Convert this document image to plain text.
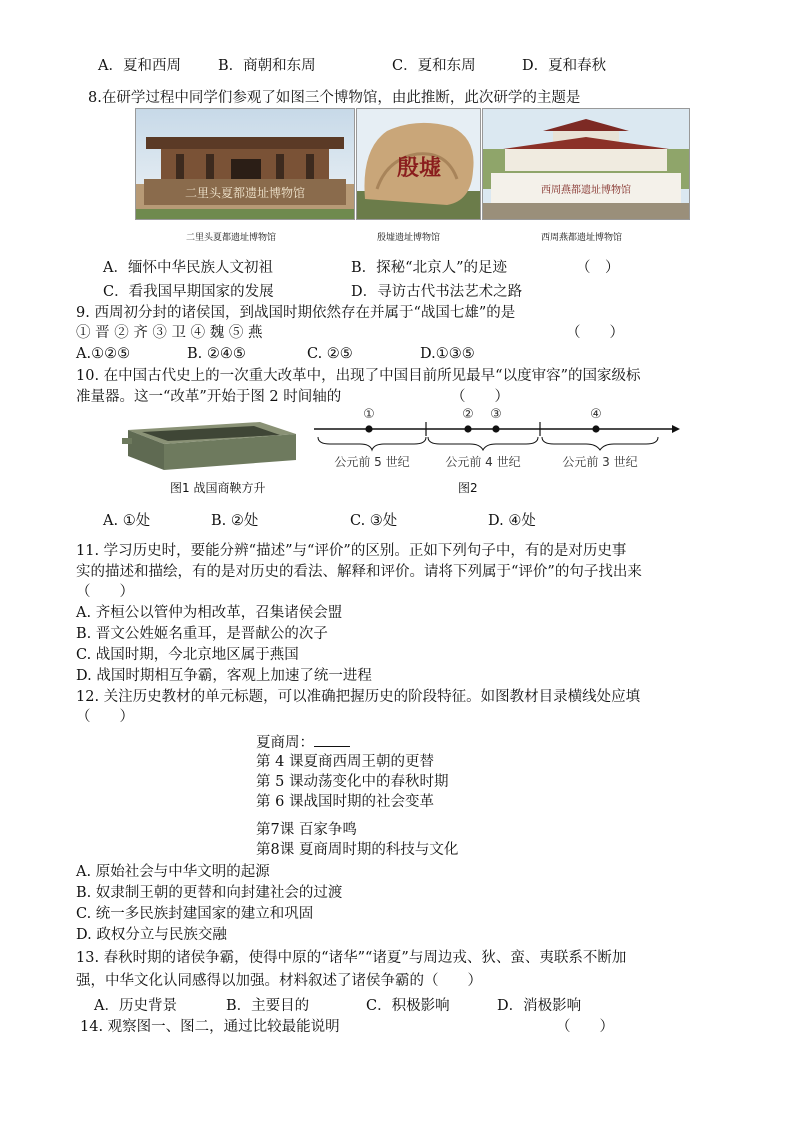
A．夏和西周	B．商朝和东周	C．夏和东周	D．夏和春秋
8.在研学过程中同学们参观了如图三个博物馆，由此推断，此次研学的主题是
二里头夏都遗址博物馆
殷墟
西周燕都遗址博物馆
二里头夏都遗址博物馆	殷墟遗址博物馆	西周燕都遗址博物馆
A．缅怀中华民族人文初祖	B．探秘“北京人”的足迹	（　）
C．看我国早期国家的发展	D．寻访古代书法艺术之路
9. 西周初分封的诸侯国，到战国时期依然存在并属于“战国七雄”的是
① 晋 ② 齐 ③ 卫 ④ 魏 ⑤ 燕	（　　）
A.①②⑤	B. ②④⑤	C. ②⑤	D.①③⑤
10. 在中国古代史上的一次重大改革中，出现了中国目前所见最早“以度审容”的国家级标
准量器。这一“改革”开始于图 2 时间轴的	（　　）
图1 战国商鞅方升
①	② ③	④
公元前 5 世纪	公元前 4 世纪	公元前 3 世纪
图2
A. ①处	B. ②处	C. ③处	D. ④处
11. 学习历史时，要能分辨“描述”与“评价”的区别。正如下列句子中，有的是对历史事
实的描述和描绘，有的是对历史的看法、解释和评价。请将下列属于“评价”的句子找出来
（　　）
A. 齐桓公以管仲为相改革，召集诸侯会盟
B. 晋文公姓姬名重耳，是晋献公的次子
C. 战国时期，今北京地区属于燕国
D. 战国时期相互争霸，客观上加速了统一进程
12. 关注历史教材的单元标题，可以准确把握历史的阶段特征。如图教材目录横线处应填
（　　）
夏商周：
第 4 课夏商西周王朝的更替
第 5 课动荡变化中的春秋时期
第 6 课战国时期的社会变革
第7课 百家争鸣
第8课 夏商周时期的科技与文化
A. 原始社会与中华文明的起源
B. 奴隶制王朝的更替和向封建社会的过渡
C. 统一多民族封建国家的建立和巩固
D. 政权分立与民族交融
13. 春秋时期的诸侯争霸，使得中原的“诸华”“诸夏”与周边戎、狄、蛮、夷联系不断加
强，中华文化认同感得以加强。材料叙述了诸侯争霸的（　　）
A．历史背景	B．主要目的	C．积极影响	D．消极影响
14. 观察图一、图二，通过比较最能说明	（　　）
